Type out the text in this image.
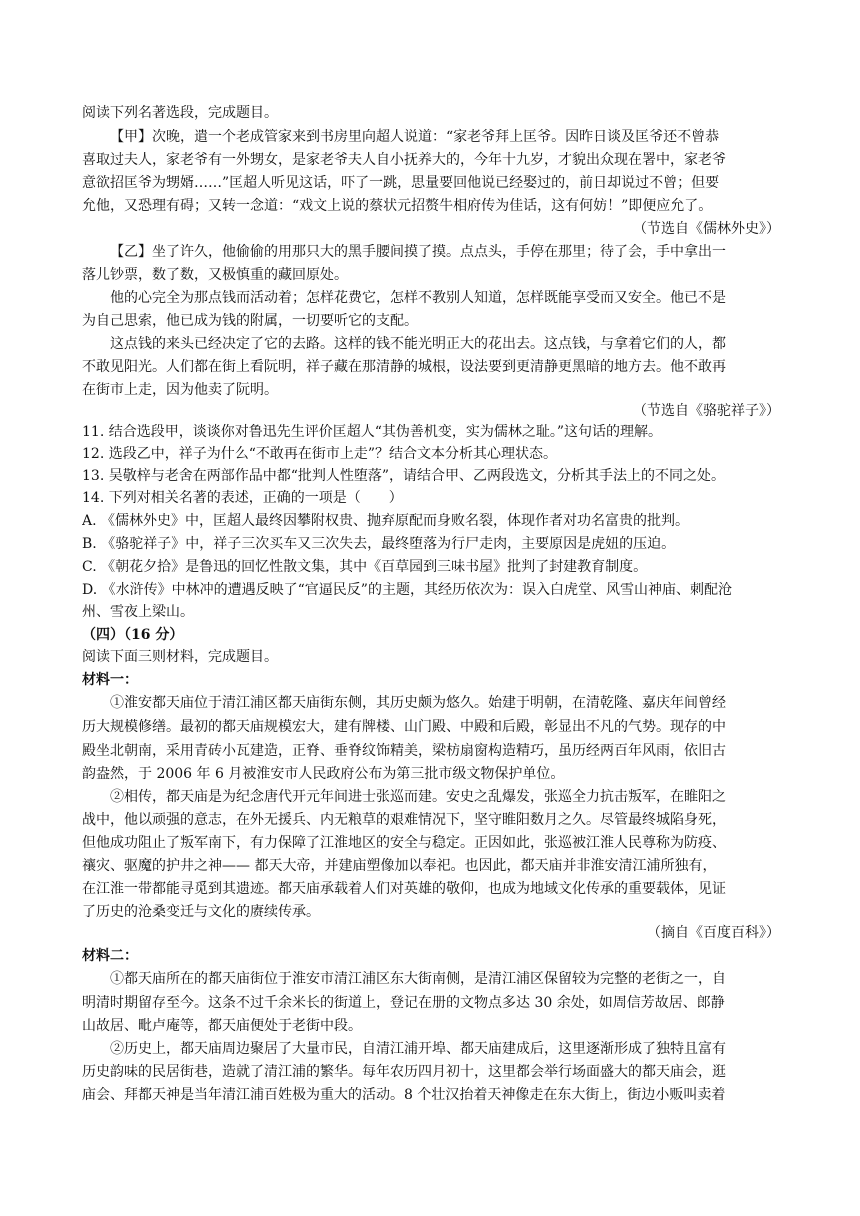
阅读下列名著选段，完成题目。
【甲】次晚，遣一个老成管家来到书房里向超人说道：“家老爷拜上匡爷。因昨日谈及匡爷还不曾恭
喜取过夫人，家老爷有一外甥女，是家老爷夫人自小抚养大的，今年十九岁，才貌出众现在署中，家老爷
意欲招匡爷为甥婿……”匡超人听见这话，吓了一跳，思量要回他说已经娶过的，前日却说过不曾；但要
允他，又恐理有碍；又转一念道：“戏文上说的蔡状元招赘牛相府传为佳话，这有何妨！”即便应允了。
（节选自《儒林外史》）
【乙】坐了许久，他偷偷的用那只大的黑手腰间摸了摸。点点头，手停在那里；待了会，手中拿出一
落儿钞票，数了数，又极慎重的藏回原处。
他的心完全为那点钱而活动着；怎样花费它，怎样不教别人知道，怎样既能享受而又安全。他已不是
为自己思索，他已成为钱的附属，一切要听它的支配。
这点钱的来头已经决定了它的去路。这样的钱不能光明正大的花出去。这点钱，与拿着它们的人，都
不敢见阳光。人们都在街上看阮明，祥子藏在那清静的城根，设法要到更清静更黑暗的地方去。他不敢再
在街市上走，因为他卖了阮明。
（节选自《骆驼祥子》）
11. 结合选段甲，谈谈你对鲁迅先生评价匡超人“其伪善机变，实为儒林之耻。”这句话的理解。
12. 选段乙中，祥子为什么“不敢再在街市上走”？结合文本分析其心理状态。
13. 吴敬梓与老舍在两部作品中都“批判人性堕落”，请结合甲、乙两段选文，分析其手法上的不同之处。
14. 下列对相关名著的表述，正确的一项是（　　）
A. 《儒林外史》中，匡超人最终因攀附权贵、抛弃原配而身败名裂，体现作者对功名富贵的批判。
B. 《骆驼祥子》中，祥子三次买车又三次失去，最终堕落为行尸走肉，主要原因是虎妞的压迫。
C. 《朝花夕拾》是鲁迅的回忆性散文集，其中《百草园到三味书屋》批判了封建教育制度。
D. 《水浒传》中林冲的遭遇反映了“官逼民反”的主题，其经历依次为：误入白虎堂、风雪山神庙、刺配沧
州、雪夜上梁山。
（四）（16 分）
阅读下面三则材料，完成题目。
材料一：
①淮安都天庙位于清江浦区都天庙街东侧，其历史颇为悠久。始建于明朝，在清乾隆、嘉庆年间曾经
历大规模修缮。最初的都天庙规模宏大，建有牌楼、山门殿、中殿和后殿，彰显出不凡的气势。现存的中
殿坐北朝南，采用青砖小瓦建造，正脊、垂脊纹饰精美，梁枋扇窗构造精巧，虽历经两百年风雨，依旧古
韵盎然，于 2006 年 6 月被淮安市人民政府公布为第三批市级文物保护单位。
②相传，都天庙是为纪念唐代开元年间进士张巡而建。安史之乱爆发，张巡全力抗击叛军，在睢阳之
战中，他以顽强的意志，在外无援兵、内无粮草的艰难情况下，坚守睢阳数月之久。尽管最终城陷身死，
但他成功阻止了叛军南下，有力保障了江淮地区的安全与稳定。正因如此，张巡被江淮人民尊称为防疫、
禳灾、驱魔的护井之神—— 都天大帝，并建庙塑像加以奉祀。也因此，都天庙并非淮安清江浦所独有，
在江淮一带都能寻觅到其遗迹。都天庙承载着人们对英雄的敬仰，也成为地域文化传承的重要载体，见证
了历史的沧桑变迁与文化的赓续传承。
（摘自《百度百科》）
材料二：
①都天庙所在的都天庙街位于淮安市清江浦区东大街南侧，是清江浦区保留较为完整的老街之一，自
明清时期留存至今。这条不过千余米长的街道上，登记在册的文物点多达 30 余处，如周信芳故居、郎静
山故居、毗卢庵等，都天庙便处于老街中段。
②历史上，都天庙周边聚居了大量市民，自清江浦开埠、都天庙建成后，这里逐渐形成了独特且富有
历史韵味的民居街巷，造就了清江浦的繁华。每年农历四月初十，这里都会举行场面盛大的都天庙会，逛
庙会、拜都天神是当年清江浦百姓极为重大的活动。8 个壮汉抬着天神像走在东大街上，街边小贩叫卖着
